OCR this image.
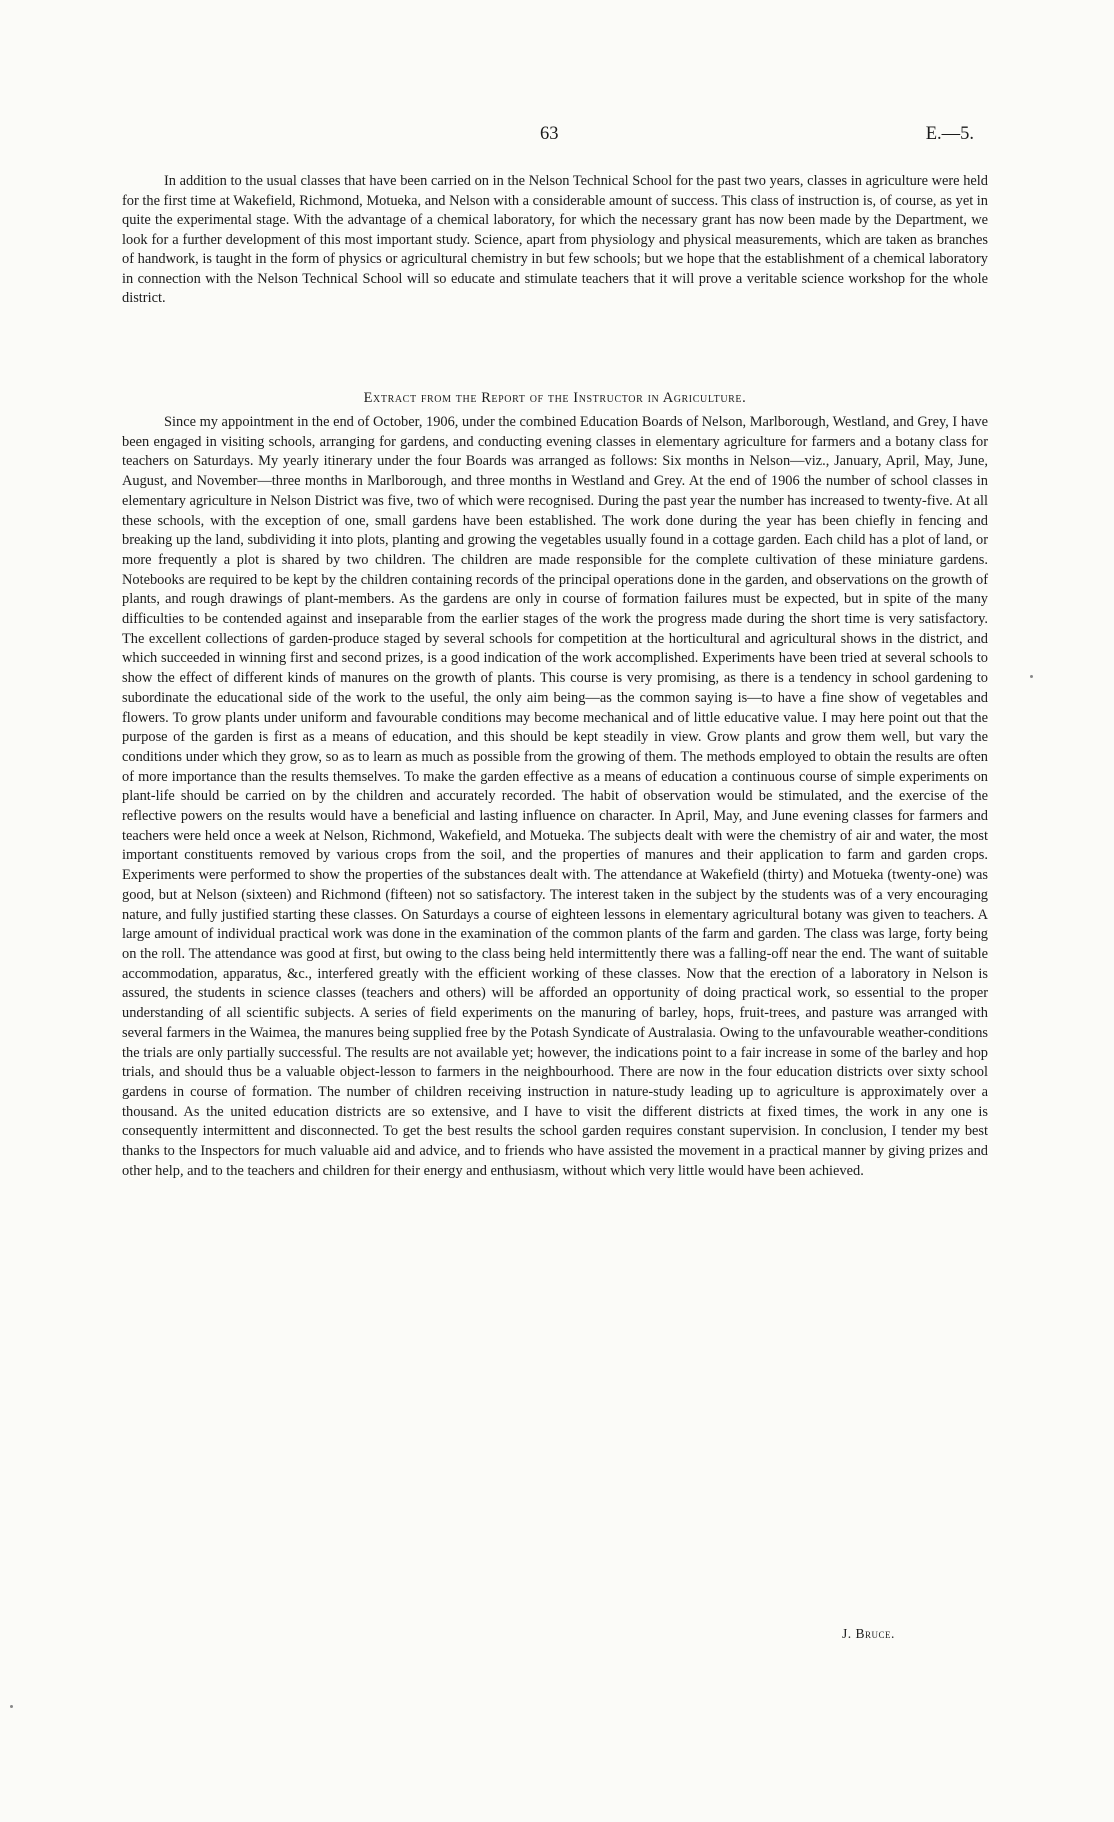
63	E.—5.

In addition to the usual classes that have been carried on in the Nelson Technical School for the past two years, classes in agriculture were held for the first time at Wakefield, Richmond, Motueka, and Nelson with a considerable amount of success. This class of instruction is, of course, as yet in quite the experimental stage. With the advantage of a chemical laboratory, for which the necessary grant has now been made by the Department, we look for a further development of this most important study. Science, apart from physiology and physical measurements, which are taken as branches of handwork, is taught in the form of physics or agricultural chemistry in but few schools; but we hope that the establishment of a chemical laboratory in connection with the Nelson Technical School will so educate and stimulate teachers that it will prove a veritable science workshop for the whole district.

Extract from the Report of the Instructor in Agriculture.

Since my appointment in the end of October, 1906, under the combined Education Boards of Nelson, Marlborough, Westland, and Grey, I have been engaged in visiting schools, arranging for gardens, and conducting evening classes in elementary agriculture for farmers and a botany class for teachers on Saturdays. My yearly itinerary under the four Boards was arranged as follows: Six months in Nelson—viz., January, April, May, June, August, and November—three months in Marlborough, and three months in Westland and Grey. At the end of 1906 the number of school classes in elementary agriculture in Nelson District was five, two of which were recognised. During the past year the number has increased to twenty-five. At all these schools, with the exception of one, small gardens have been established. The work done during the year has been chiefly in fencing and breaking up the land, subdividing it into plots, planting and growing the vegetables usually found in a cottage garden. Each child has a plot of land, or more frequently a plot is shared by two children. The children are made responsible for the complete cultivation of these miniature gardens. Notebooks are required to be kept by the children containing records of the principal operations done in the garden, and observations on the growth of plants, and rough drawings of plant-members. As the gardens are only in course of formation failures must be expected, but in spite of the many difficulties to be contended against and inseparable from the earlier stages of the work the progress made during the short time is very satisfactory. The excellent collections of garden-produce staged by several schools for competition at the horticultural and agricultural shows in the district, and which succeeded in winning first and second prizes, is a good indication of the work accomplished. Experiments have been tried at several schools to show the effect of different kinds of manures on the growth of plants. This course is very promising, as there is a tendency in school gardening to subordinate the educational side of the work to the useful, the only aim being—as the common saying is—to have a fine show of vegetables and flowers. To grow plants under uniform and favourable conditions may become mechanical and of little educative value. I may here point out that the purpose of the garden is first as a means of education, and this should be kept steadily in view. Grow plants and grow them well, but vary the conditions under which they grow, so as to learn as much as possible from the growing of them. The methods employed to obtain the results are often of more importance than the results themselves. To make the garden effective as a means of education a continuous course of simple experiments on plant-life should be carried on by the children and accurately recorded. The habit of observation would be stimulated, and the exercise of the reflective powers on the results would have a beneficial and lasting influence on character. In April, May, and June evening classes for farmers and teachers were held once a week at Nelson, Richmond, Wakefield, and Motueka. The subjects dealt with were the chemistry of air and water, the most important constituents removed by various crops from the soil, and the properties of manures and their application to farm and garden crops. Experiments were performed to show the properties of the substances dealt with. The attendance at Wakefield (thirty) and Motueka (twenty-one) was good, but at Nelson (sixteen) and Richmond (fifteen) not so satisfactory. The interest taken in the subject by the students was of a very encouraging nature, and fully justified starting these classes. On Saturdays a course of eighteen lessons in elementary agricultural botany was given to teachers. A large amount of individual practical work was done in the examination of the common plants of the farm and garden. The class was large, forty being on the roll. The attendance was good at first, but owing to the class being held intermittently there was a falling-off near the end. The want of suitable accommodation, apparatus, &c., interfered greatly with the efficient working of these classes. Now that the erection of a laboratory in Nelson is assured, the students in science classes (teachers and others) will be afforded an opportunity of doing practical work, so essential to the proper understanding of all scientific subjects. A series of field experiments on the manuring of barley, hops, fruit-trees, and pasture was arranged with several farmers in the Waimea, the manures being supplied free by the Potash Syndicate of Australasia. Owing to the unfavourable weather-conditions the trials are only partially successful. The results are not available yet; however, the indications point to a fair increase in some of the barley and hop trials, and should thus be a valuable object-lesson to farmers in the neighbourhood. There are now in the four education districts over sixty school gardens in course of formation. The number of children receiving instruction in nature-study leading up to agriculture is approximately over a thousand. As the united education districts are so extensive, and I have to visit the different districts at fixed times, the work in any one is consequently intermittent and disconnected. To get the best results the school garden requires constant supervision. In conclusion, I tender my best thanks to the Inspectors for much valuable aid and advice, and to friends who have assisted the movement in a practical manner by giving prizes and other help, and to the teachers and children for their energy and enthusiasm, without which very little would have been achieved.

J. Bruce.
